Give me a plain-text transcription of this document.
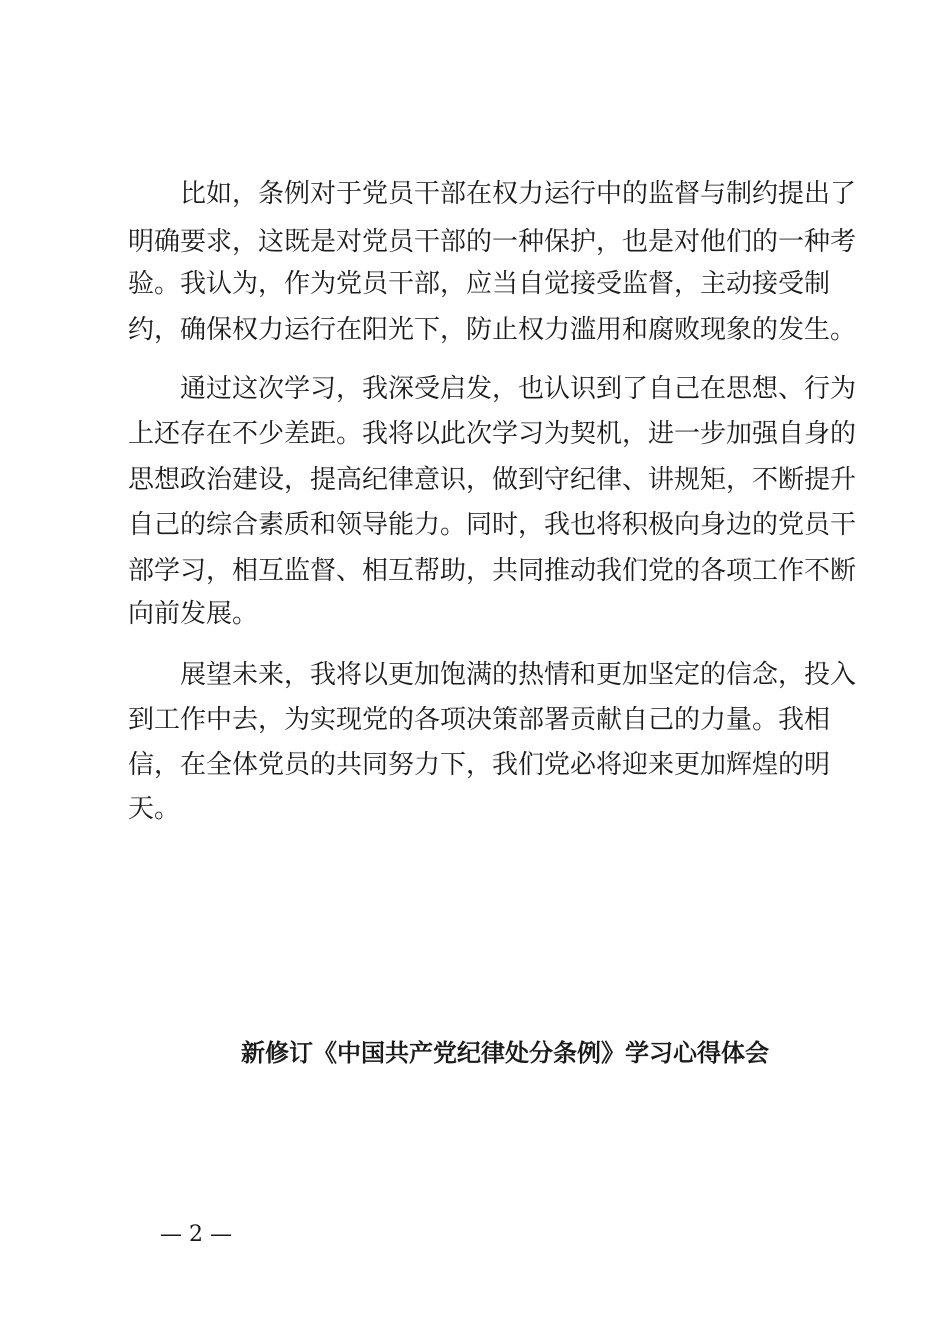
比如，条例对于党员干部在权力运行中的监督与制约提出了
明确要求，这既是对党员干部的一种保护，也是对他们的一种考
验。我认为，作为党员干部，应当自觉接受监督，主动接受制
约，确保权力运行在阳光下，防止权力滥用和腐败现象的发生。
通过这次学习，我深受启发，也认识到了自己在思想、行为
上还存在不少差距。我将以此次学习为契机，进一步加强自身的
思想政治建设，提高纪律意识，做到守纪律、讲规矩，不断提升
自己的综合素质和领导能力。同时，我也将积极向身边的党员干
部学习，相互监督、相互帮助，共同推动我们党的各项工作不断
向前发展。
展望未来，我将以更加饱满的热情和更加坚定的信念，投入
到工作中去，为实现党的各项决策部署贡献自己的力量。我相
信，在全体党员的共同努力下，我们党必将迎来更加辉煌的明
天。
新修订《中国共产党纪律处分条例》学习心得体会
— 2 —
